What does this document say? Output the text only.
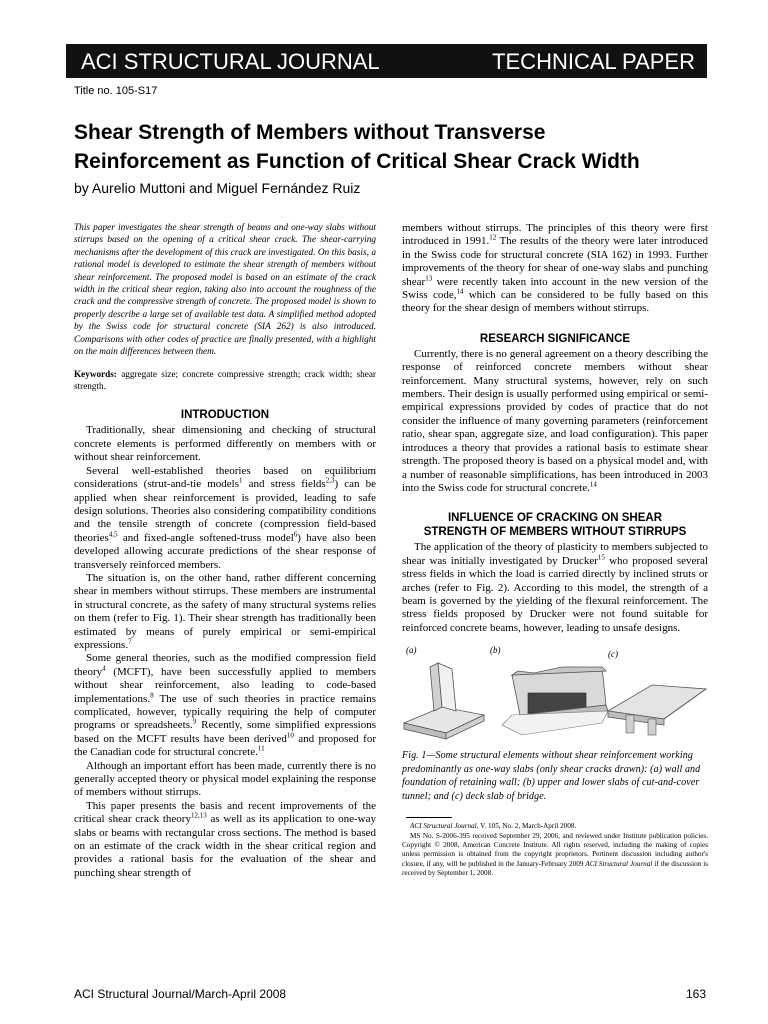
ACI STRUCTURAL JOURNAL	TECHNICAL PAPER
Title no. 105-S17
Shear Strength of Members without Transverse
Reinforcement as Function of Critical Shear Crack Width
by Aurelio Muttoni and Miguel Fernández Ruiz

This paper investigates the shear strength of beams and one-way slabs without stirrups based on the opening of a critical shear crack. The shear-carrying mechanisms after the development of this crack are investigated. On this basis, a rational model is developed to estimate the shear strength of members without shear reinforcement. The proposed model is based on an estimate of the crack width in the critical shear region, taking also into account the roughness of the crack and the compressive strength of concrete. The proposed model is shown to properly describe a large set of available test data. A simplified method adopted by the Swiss code for structural concrete (SIA 262) is also introduced. Comparisons with other codes of practice are finally presented, with a highlight on the main differences between them.

Keywords: aggregate size; concrete compressive strength; crack width; shear strength.

INTRODUCTION

Traditionally, shear dimensioning and checking of structural concrete elements is performed differently on members with or without shear reinforcement.

Several well-established theories based on equilibrium considerations (strut-and-tie models$^1$ and stress fields$^{2,3}$) can be applied when shear reinforcement is provided, leading to safe design solutions. Theories also considering compatibility conditions and the tensile strength of concrete (compression field-based theories$^{4,5}$ and fixed-angle softened-truss model$^6$) have also been developed allowing accurate predictions of the shear response of transversely reinforced members.

The situation is, on the other hand, rather different concerning shear in members without stirrups. These members are instrumental in structural concrete, as the safety of many structural systems relies on them (refer to Fig. 1). Their shear strength has traditionally been estimated by means of purely empirical or semi-empirical expressions.$^7$

Some general theories, such as the modified compression field theory$^4$ (MCFT), have been successfully applied to members without shear reinforcement, also leading to code-based implementations.$^8$ The use of such theories in practice remains complicated, however, typically requiring the help of computer programs or spreadsheets.$^9$ Recently, some simplified expressions based on the MCFT results have been derived$^{10}$ and proposed for the Canadian code for structural concrete.$^{11}$

Although an important effort has been made, currently there is no generally accepted theory or physical model explaining the response of members without stirrups.

This paper presents the basis and recent improvements of the critical shear crack theory$^{12,13}$ as well as its application to one-way slabs or beams with rectangular cross sections. The method is based on an estimate of the crack width in the shear critical region and provides a rational basis for the evaluation of the shear and punching shear strength of

members without stirrups. The principles of this theory were first introduced in 1991.12 The results of the theory were later introduced in the Swiss code for structural concrete (SIA 162) in 1993. Further improvements of the theory for shear of one-way slabs and punching shear$^{13}$ were recently taken into account in the new version of the Swiss code,$^{14}$ which can be considered to be fully based on this theory for the shear design of members without stirrups.

RESEARCH SIGNIFICANCE

Currently, there is no general agreement on a theory describing the response of reinforced concrete members without shear reinforcement. Many structural systems, however, rely on such members. Their design is usually performed using empirical or semi-empirical expressions provided by codes of practice that do not consider the influence of many governing parameters (reinforcement ratio, shear span, aggregate size, and load configuration). This paper introduces a theory that provides a rational basis to estimate shear strength. The proposed theory is based on a physical model and, with a number of reasonable simplifications, has been introduced in 2003 into the Swiss code for structural concrete.$^{14}$

INFLUENCE OF CRACKING ON SHEAR
STRENGTH OF MEMBERS WITHOUT STIRRUPS

The application of the theory of plasticity to members subjected to shear was initially investigated by Drucker$^{15}$ who proposed several stress fields in which the load is carried directly by inclined struts or arches (refer to Fig. 2). According to this model, the strength of a beam is governed by the yielding of the flexural reinforcement. The stress fields proposed by Drucker were not found suitable for reinforced concrete beams, however, leading to unsafe designs.

(a)	(b)	(c)
Fig. 1—Some structural elements without shear reinforcement working predominantly as one-way slabs (only shear cracks drawn): (a) wall and foundation of retaining wall; (b) upper and lower slabs of cut-and-cover tunnel; and (c) deck slab of bridge.

ACI Structural Journal, V. 105, No. 2, March-April 2008.

MS No. S-2006-395 received September 29, 2006, and reviewed under Institute publication policies. Copyright © 2008, American Concrete Institute. All rights reserved, including the making of copies unless permission is obtained from the copyright proprietors. Pertinent discussion including author's closure, if any, will be published in the January-February 2009 ACI Structural Journal if the discussion is received by September 1, 2008.

ACI Structural Journal/March-April 2008	163
